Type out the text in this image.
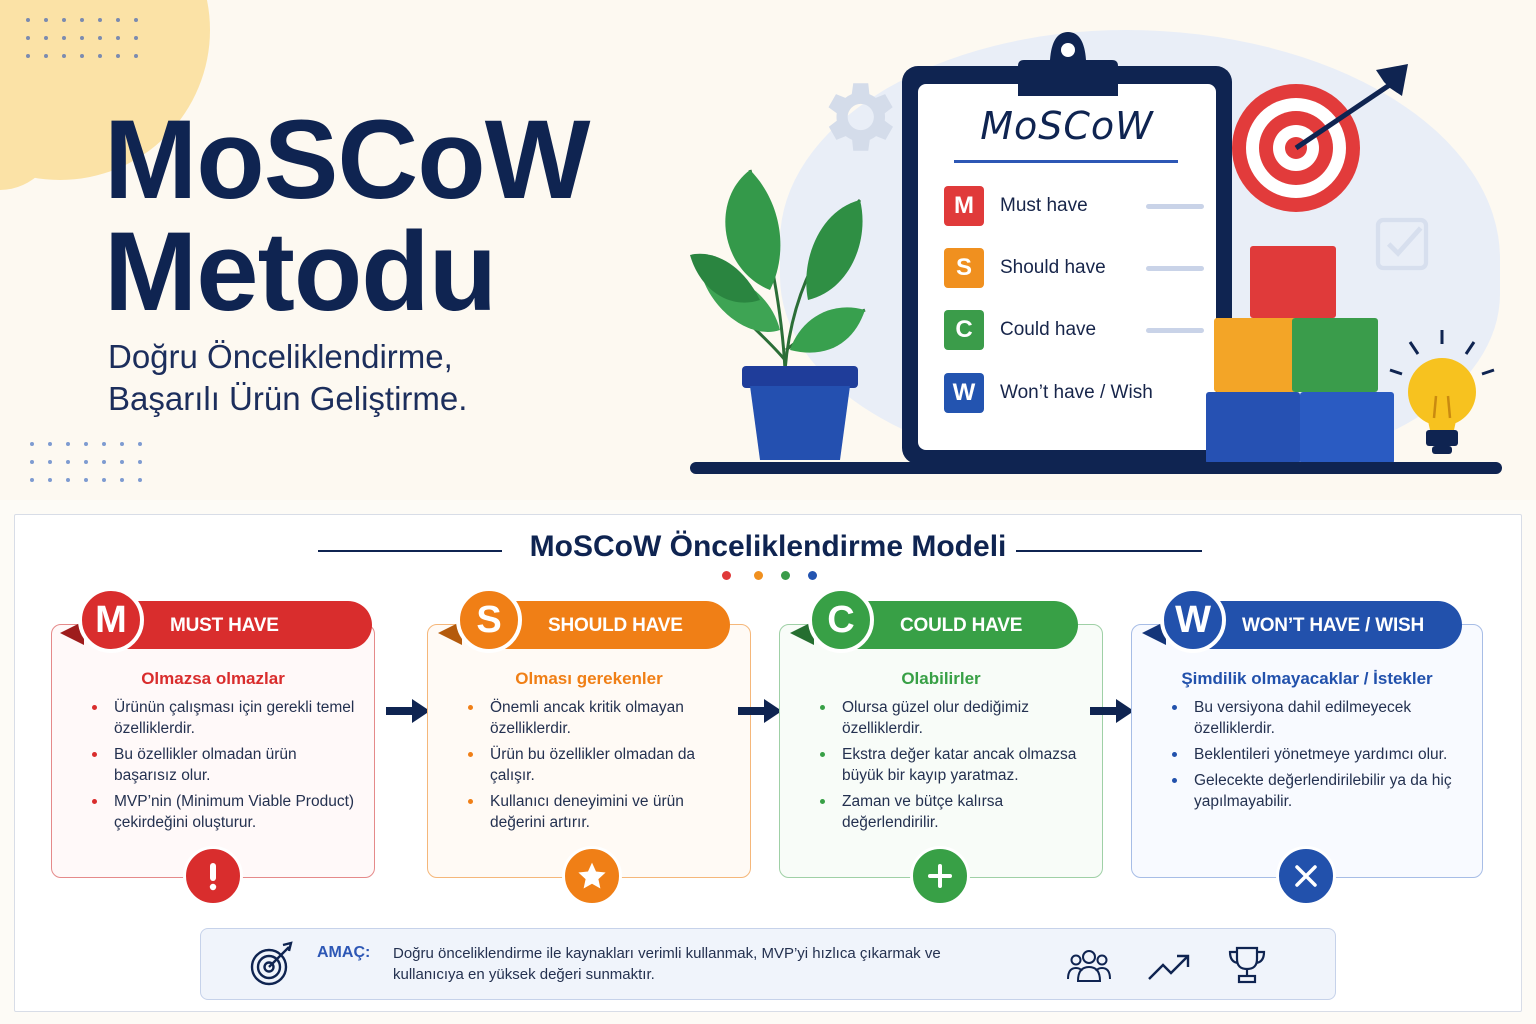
MoSCoW
Metodu
Doğru Önceliklendirme,
Başarılı Ürün Geliştirme.
MoSCoW
M	Must have
S	Should have
C	Could have
W	Won’t have / Wish
MoSCoW Önceliklendirme Modeli
Olmazsa olmazlar
Ürünün çalışması için gerekli temel özelliklerdir.
Bu özellikler olmadan ürün başarısız olur.
MVP’nin (Minimum Viable Product) çekirdeğini oluşturur.
M	MUST HAVE
Olması gerekenler
Önemli ancak kritik olmayan özelliklerdir.
Ürün bu özellikler olmadan da çalışır.
Kullanıcı deneyimini ve ürün değerini artırır.
S	SHOULD HAVE
Olabilirler
Olursa güzel olur dediğimiz özelliklerdir.
Ekstra değer katar ancak olmazsa büyük bir kayıp yaratmaz.
Zaman ve bütçe kalırsa değerlendirilir.
C	COULD HAVE
Şimdilik olmayacaklar / İstekler
Bu versiyona dahil edilmeyecek özelliklerdir.
Beklentileri yönetmeye yardımcı olur.
Gelecekte değerlendirilebilir ya da hiç yapılmayabilir.
W	WON’T HAVE / WISH
AMAÇ: Doğru önceliklendirme ile kaynakları verimli kullanmak, MVP’yi hızlıca çıkarmak ve kullanıcıya en yüksek değeri sunmaktır.
